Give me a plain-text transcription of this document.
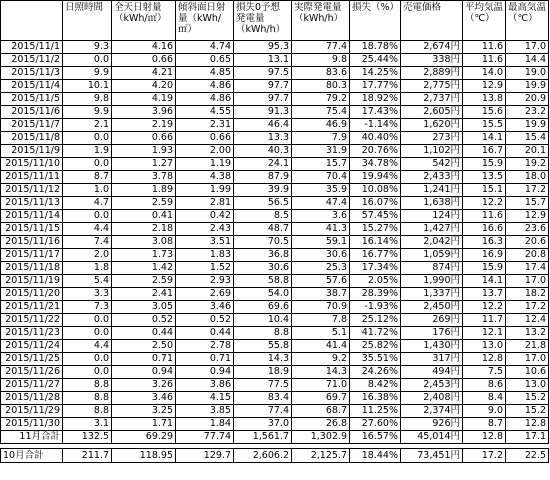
	日照時間	全天日射量（kWh/㎡）	傾斜面日射量（kWh/㎡）	損失0予想発電量（kWh/h）	実際発電量（kWh/h）	損失（%）	売電価格	平均気温（℃）	最高気温（℃）
2015/11/1	9.3	4.16	4.74	95.3	77.4	18.78%	2,674円	11.6	17.0
2015/11/2	0.0	0.66	0.65	13.1	9.8	25.44%	338円	11.6	14.4
2015/11/3	9.9	4.21	4.85	97.5	83.6	14.25%	2,889円	14.0	19.0
2015/11/4	10.1	4.20	4.86	97.7	80.3	17.77%	2,775円	12.9	19.9
2015/11/5	9.8	4.19	4.86	97.7	79.2	18.92%	2,737円	13.8	20.9
2015/11/6	9.9	3.96	4.55	91.3	75.4	17.43%	2,605円	15.6	23.2
2015/11/7	2.1	2.19	2.31	46.4	46.9	-1.14%	1,620円	15.5	19.9
2015/11/8	0.0	0.66	0.66	13.3	7.9	40.40%	273円	14.1	15.4
2015/11/9	1.9	1.93	2.00	40.3	31.9	20.76%	1,102円	16.7	20.1
2015/11/10	0.0	1.27	1.19	24.1	15.7	34.78%	542円	15.9	19.2
2015/11/11	8.7	3.78	4.38	87.9	70.4	19.94%	2,433円	13.5	18.0
2015/11/12	1.0	1.89	1.99	39.9	35.9	10.08%	1,241円	15.1	17.2
2015/11/13	4.7	2.59	2.81	56.5	47.4	16.07%	1,638円	12.2	15.7
2015/11/14	0.0	0.41	0.42	8.5	3.6	57.45%	124円	11.6	12.9
2015/11/15	4.4	2.18	2.43	48.7	41.3	15.27%	1,427円	16.6	23.6
2015/11/16	7.4	3.08	3.51	70.5	59.1	16.14%	2,042円	16.3	20.6
2015/11/17	2.0	1.73	1.83	36.8	30.6	16.77%	1,059円	16.9	20.8
2015/11/18	1.8	1.42	1.52	30.6	25.3	17.34%	874円	15.9	17.4
2015/11/19	5.4	2.59	2.93	58.8	57.6	2.05%	1,990円	14.1	17.0
2015/11/20	3.3	2.41	2.69	54.0	38.7	28.39%	1,337円	13.7	18.2
2015/11/21	7.3	3.05	3.46	69.6	70.9	-1.93%	2,450円	12.2	17.2
2015/11/22	0.0	0.52	0.52	10.4	7.8	25.12%	269円	11.7	12.4
2015/11/23	0.0	0.44	0.44	8.8	5.1	41.72%	176円	12.1	13.2
2015/11/24	4.4	2.50	2.78	55.8	41.4	25.82%	1,430円	13.0	21.8
2015/11/25	0.0	0.71	0.71	14.3	9.2	35.51%	317円	12.8	17.0
2015/11/26	0.0	0.94	0.94	18.9	14.3	24.26%	494円	7.5	10.6
2015/11/27	8.8	3.26	3.86	77.5	71.0	8.42%	2,453円	8.6	13.0
2015/11/28	8.8	3.46	4.15	83.4	69.7	16.38%	2,408円	8.4	15.2
2015/11/29	8.8	3.25	3.85	77.4	68.7	11.25%	2,374円	9.0	15.2
2015/11/30	3.1	1.71	1.84	37.0	26.8	27.60%	926円	8.7	12.8
11月合計	132.5	69.29	77.74	1,561.7	1,302.9	16.57%	45,014円	12.8	17.1

10月合計	211.7	118.95	129.7	2,606.2	2,125.7	18.44%	73,451円	17.2	22.5
